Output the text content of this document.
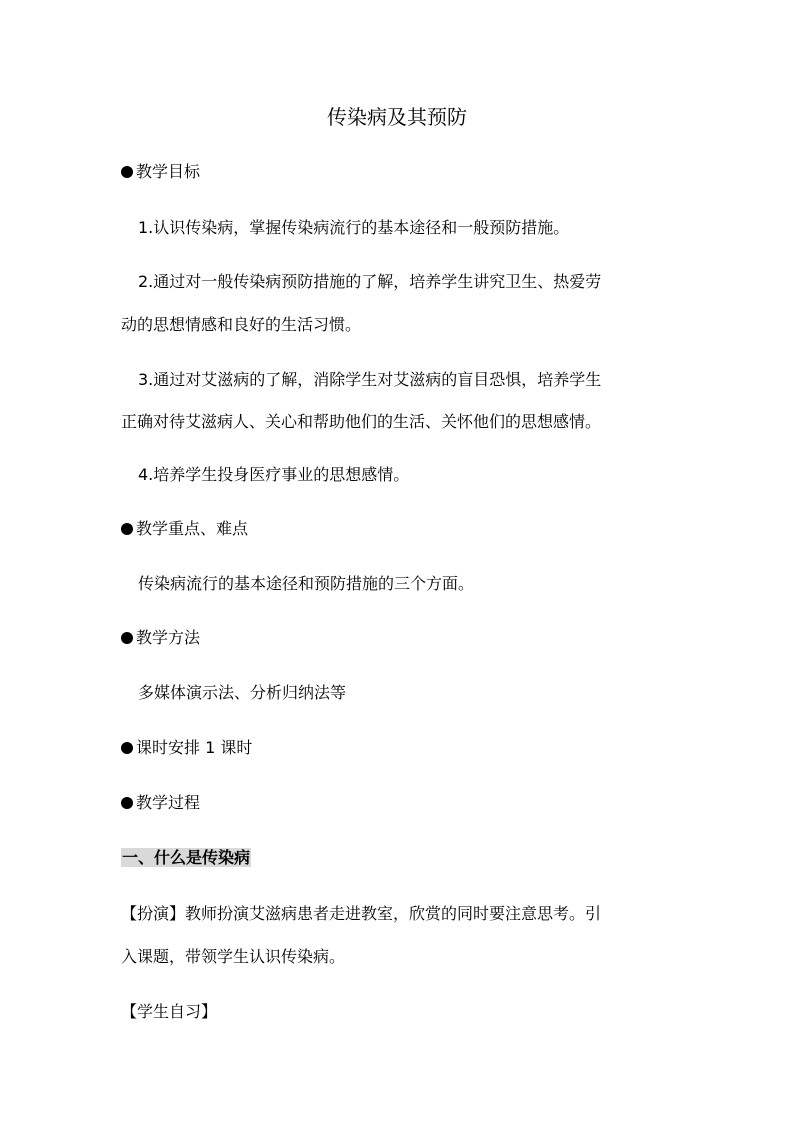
传染病及其预防
教学目标
1.认识传染病，掌握传染病流行的基本途径和一般预防措施。
2.通过对一般传染病预防措施的了解，培养学生讲究卫生、热爱劳
动的思想情感和良好的生活习惯。
3.通过对艾滋病的了解，消除学生对艾滋病的盲目恐惧，培养学生
正确对待艾滋病人、关心和帮助他们的生活、关怀他们的思想感情。
4.培养学生投身医疗事业的思想感情。
教学重点、难点
传染病流行的基本途径和预防措施的三个方面。
教学方法
多媒体演示法、分析归纳法等
课时安排 1 课时
教学过程
一、什么是传染病
【扮演】教师扮演艾滋病患者走进教室，欣赏的同时要注意思考。引
入课题，带领学生认识传染病。
【学生自习】
